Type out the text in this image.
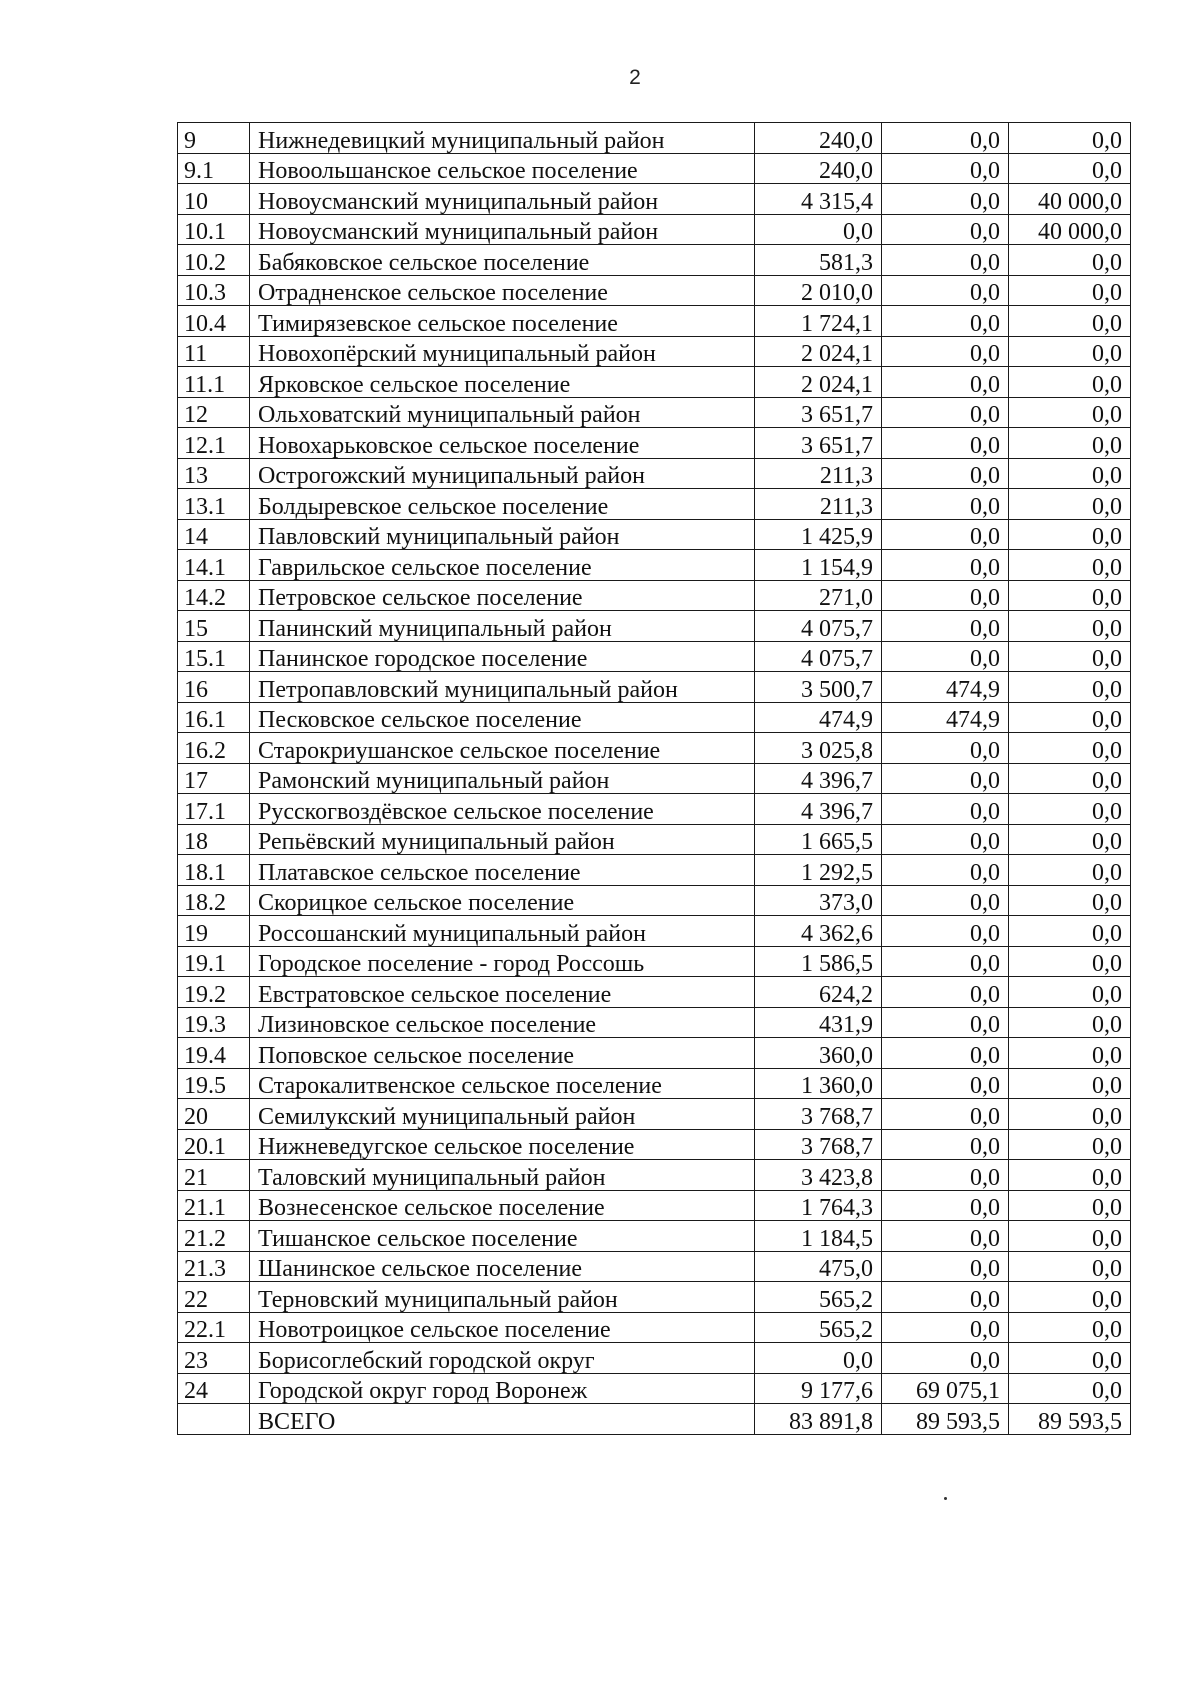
2
9	Нижнедевицкий муниципальный район	240,0	0,0	0,0
9.1	Новоольшанское сельское поселение	240,0	0,0	0,0
10	Новоусманский муниципальный район	4 315,4	0,0	40 000,0
10.1	Новоусманский муниципальный район	0,0	0,0	40 000,0
10.2	Бабяковское сельское поселение	581,3	0,0	0,0
10.3	Отрадненское сельское поселение	2 010,0	0,0	0,0
10.4	Тимирязевское сельское поселение	1 724,1	0,0	0,0
11	Новохопёрский муниципальный район	2 024,1	0,0	0,0
11.1	Ярковское сельское поселение	2 024,1	0,0	0,0
12	Ольховатский муниципальный район	3 651,7	0,0	0,0
12.1	Новохарьковское сельское поселение	3 651,7	0,0	0,0
13	Острогожский муниципальный район	211,3	0,0	0,0
13.1	Болдыревское сельское поселение	211,3	0,0	0,0
14	Павловский муниципальный район	1 425,9	0,0	0,0
14.1	Гаврильское сельское поселение	1 154,9	0,0	0,0
14.2	Петровское сельское поселение	271,0	0,0	0,0
15	Панинский муниципальный район	4 075,7	0,0	0,0
15.1	Панинское городское поселение	4 075,7	0,0	0,0
16	Петропавловский муниципальный район	3 500,7	474,9	0,0
16.1	Песковское сельское поселение	474,9	474,9	0,0
16.2	Старокриушанское сельское поселение	3 025,8	0,0	0,0
17	Рамонский муниципальный район	4 396,7	0,0	0,0
17.1	Русскогвоздёвское сельское поселение	4 396,7	0,0	0,0
18	Репьёвский муниципальный район	1 665,5	0,0	0,0
18.1	Платавское сельское поселение	1 292,5	0,0	0,0
18.2	Скорицкое сельское поселение	373,0	0,0	0,0
19	Россошанский муниципальный район	4 362,6	0,0	0,0
19.1	Городское поселение - город Россошь	1 586,5	0,0	0,0
19.2	Евстратовское сельское поселение	624,2	0,0	0,0
19.3	Лизиновское сельское поселение	431,9	0,0	0,0
19.4	Поповское сельское поселение	360,0	0,0	0,0
19.5	Старокалитвенское сельское поселение	1 360,0	0,0	0,0
20	Семилукский муниципальный район	3 768,7	0,0	0,0
20.1	Нижневедугское сельское поселение	3 768,7	0,0	0,0
21	Таловский муниципальный район	3 423,8	0,0	0,0
21.1	Вознесенское сельское поселение	1 764,3	0,0	0,0
21.2	Тишанское сельское поселение	1 184,5	0,0	0,0
21.3	Шанинское сельское поселение	475,0	0,0	0,0
22	Терновский муниципальный район	565,2	0,0	0,0
22.1	Новотроицкое сельское поселение	565,2	0,0	0,0
23	Борисоглебский городской округ	0,0	0,0	0,0
24	Городской округ город Воронеж	9 177,6	69 075,1	0,0
	ВСЕГО	83 891,8	89 593,5	89 593,5
